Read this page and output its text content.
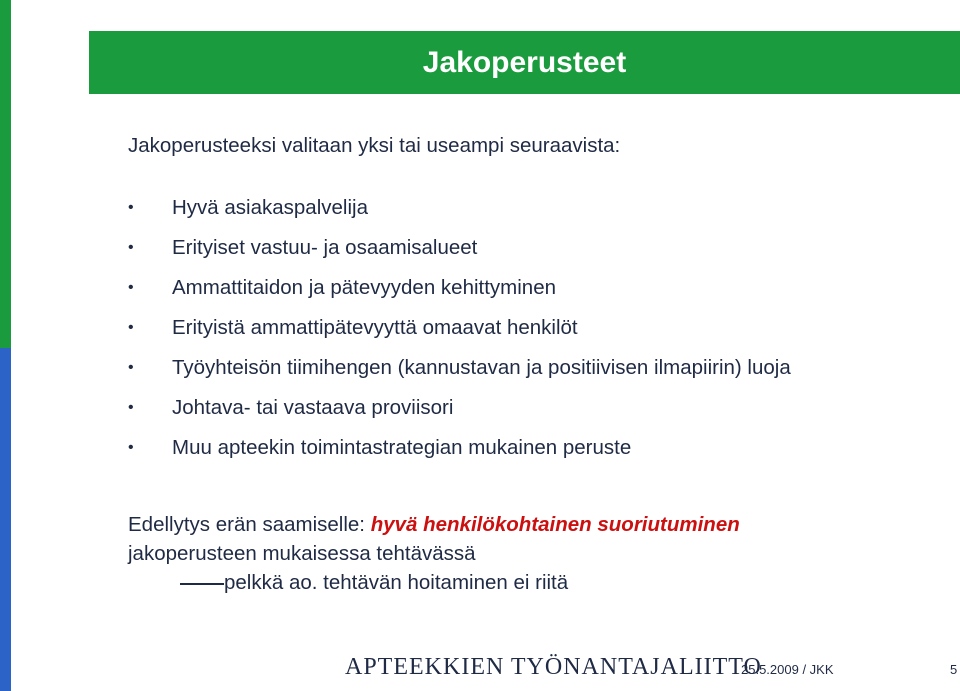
Jakoperusteet
Jakoperusteeksi valitaan yksi tai useampi seuraavista:
• Hyvä asiakaspalvelija
• Erityiset vastuu- ja osaamisalueet
• Ammattitaidon ja pätevyyden kehittyminen
• Erityistä ammattipätevyyttä omaavat henkilöt
• Työyhteisön tiimihengen (kannustavan ja positiivisen ilmapiirin) luoja
• Johtava- tai vastaava proviisori
• Muu apteekin toimintastrategian mukainen peruste
Edellytys erän saamiselle: hyvä henkilökohtainen suoriutuminen
jakoperusteen mukaisessa tehtävässä
pelkkä ao. tehtävän hoitaminen ei riitä
APTEEKKIEN TYÖNANTAJALIITTO
25.5.2009 / JKK	5
